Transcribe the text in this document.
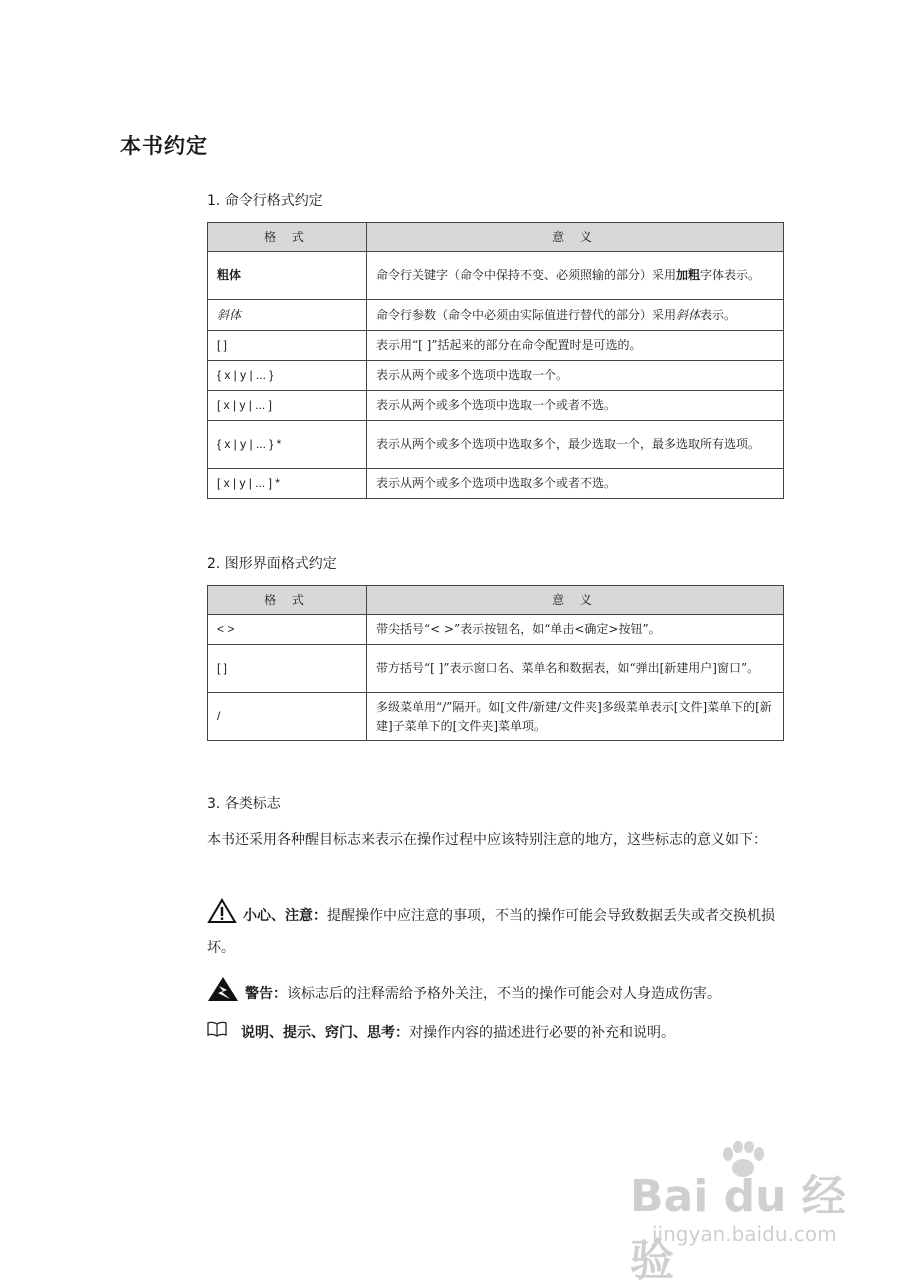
本书约定
1. 命令行格式约定
格 式	意 义
粗体	命令行关键字（命令中保持不变、必须照输的部分）采用加粗字体表示。
斜体	命令行参数（命令中必须由实际值进行替代的部分）采用斜体表示。
[ ]	表示用“[ ]”括起来的部分在命令配置时是可选的。
{ x | y | ... }	表示从两个或多个选项中选取一个。
[ x | y | ... ]	表示从两个或多个选项中选取一个或者不选。
{ x | y | ... } *	表示从两个或多个选项中选取多个，最少选取一个，最多选取所有选项。
[ x | y | ... ] *	表示从两个或多个选项中选取多个或者不选。
2. 图形界面格式约定
格 式	意 义
< >	带尖括号“< >”表示按钮名，如“单击<确定>按钮”。
[ ]	带方括号“[ ]”表示窗口名、菜单名和数据表，如“弹出[新建用户]窗口”。
/	多级菜单用“/”隔开。如[文件/新建/文件夹]多级菜单表示[文件]菜单下的[新建]子菜单下的[文件夹]菜单项。
3. 各类标志
本书还采用各种醒目标志来表示在操作过程中应该特别注意的地方，这些标志的意义如下：
小心、注意：提醒操作中应注意的事项，不当的操作可能会导致数据丢失或者交换机损坏。
警告：该标志后的注释需给予格外关注，不当的操作可能会对人身造成伤害。
说明、提示、窍门、思考：对操作内容的描述进行必要的补充和说明。
Bai du 经验
jingyan.baidu.com
